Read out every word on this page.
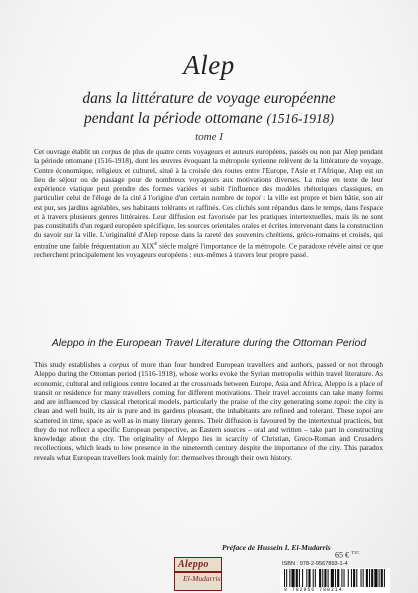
Alep
dans la littérature de voyage européenne
pendant la période ottomane (1516-1918)
tome I
Cet ouvrage établit un corpus de plus de quatre cents voyageurs et auteurs européens, passés ou non par Alep pendant la période ottomane (1516-1918), dont les œuvres évoquant la métropole syrienne relèvent de la littérature de voyage. Centre économique, religieux et culturel, situé à la croisée des routes entre l'Europe, l'Asie et l'Afrique, Alep est un lieu de séjour ou de passage pour de nombreux voyageurs aux motivations diverses. La mise en texte de leur expérience viatique peut prendre des formes variées et subit l'influence des modèles rhétoriques classiques, en particulier celui de l'éloge de la cité à l'origine d'un certain nombre de topoi : la ville est propre et bien bâtie, son air est pur, ses jardins agréables, ses habitants tolérants et raffinés. Ces clichés sont répandus dans le temps, dans l'espace et à travers plusieurs genres littéraires. Leur diffusion est favorisée par les pratiques intertextuelles, mais ils ne sont pas constitutifs d'un regard européen spécifique, les sources orientales orales et écrites intervenant dans la construction du savoir sur la ville. L'originalité d'Alep repose dans la rareté des souvenirs chrétiens, gréco-romains et croisés, qui entraîne une faible fréquentation au XIXe siècle malgré l'importance de la métropole. Ce paradoxe révèle ainsi ce que recherchent principalement les voyageurs européens : eux-mêmes à travers leur propre passé.
Aleppo in the European Travel Literature during the Ottoman Period
This study establishes a corpus of more than four hundred European travellers and authors, passed or not through Aleppo during the Ottoman period (1516-1918), whose works evoke the Syrian metropolis within travel literature. As economic, cultural and religious centre located at the crossroads between Europe, Asia and Africa, Aleppo is a place of transit or residence for many travellers coming for different motivations. Their travel accounts can take many forms and are influenced by classical rhetorical models, particularly the praise of the city generating some topoi: the city is clean and well built, its air is pure and its gardens pleasant, the inhabitants are refined and tolerant. These topoi are scattered in time, space as well as in many literary genres. Their diffusion is favoured by the intertextual practices, but they do not reflect a specific European perspective, as Eastern sources – oral and written – take part in constructing knowledge about the city. The originality of Aleppo lies in scarcity of Christian, Greco-Roman and Crusaders recollections, which leads to low presence in the nineteenth century despite the importance of the city. This paradox reveals what European travellers look mainly for: themselves through their own history.
Préface de Hussein I. El-Mudarris
Aleppo
El-Mudarris
65 € $^{TTC}$
ISBN : 978-2-9567893-1-4
9 782956 789314
